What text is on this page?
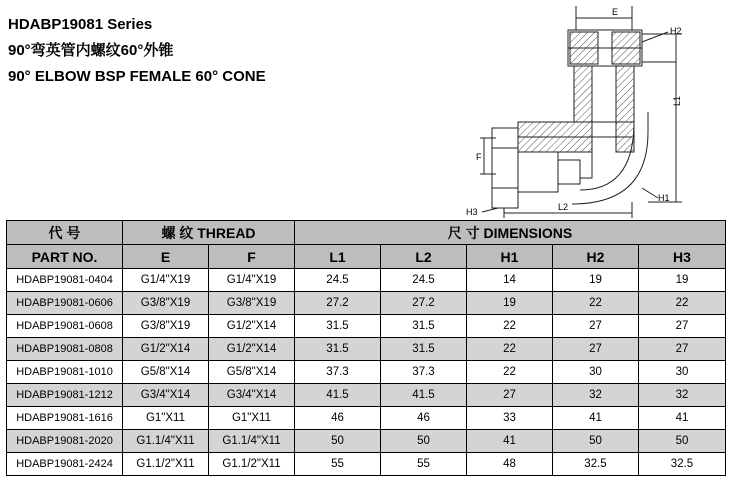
HDABP19081 Series
90°弯英管内螺纹60°外锥
90° ELBOW BSP FEMALE 60° CONE
E
H2
L1
F
H1
L2
H3
代 号	螺 纹 THREAD		尺 寸 DIMENSIONS				
PART NO.	E	F	L1	L2	H1	H2	H3
HDABP19081-0404	G1/4"X19	G1/4"X19	24.5	24.5	14	19	19
HDABP19081-0606	G3/8"X19	G3/8"X19	27.2	27.2	19	22	22
HDABP19081-0608	G3/8"X19	G1/2"X14	31.5	31.5	22	27	27
HDABP19081-0808	G1/2"X14	G1/2"X14	31.5	31.5	22	27	27
HDABP19081-1010	G5/8"X14	G5/8"X14	37.3	37.3	22	30	30
HDABP19081-1212	G3/4"X14	G3/4"X14	41.5	41.5	27	32	32
HDABP19081-1616	G1"X11	G1"X11	46	46	33	41	41
HDABP19081-2020	G1.1/4"X11	G1.1/4"X11	50	50	41	50	50
HDABP19081-2424	G1.1/2"X11	G1.1/2"X11	55	55	48	32.5	32.5
